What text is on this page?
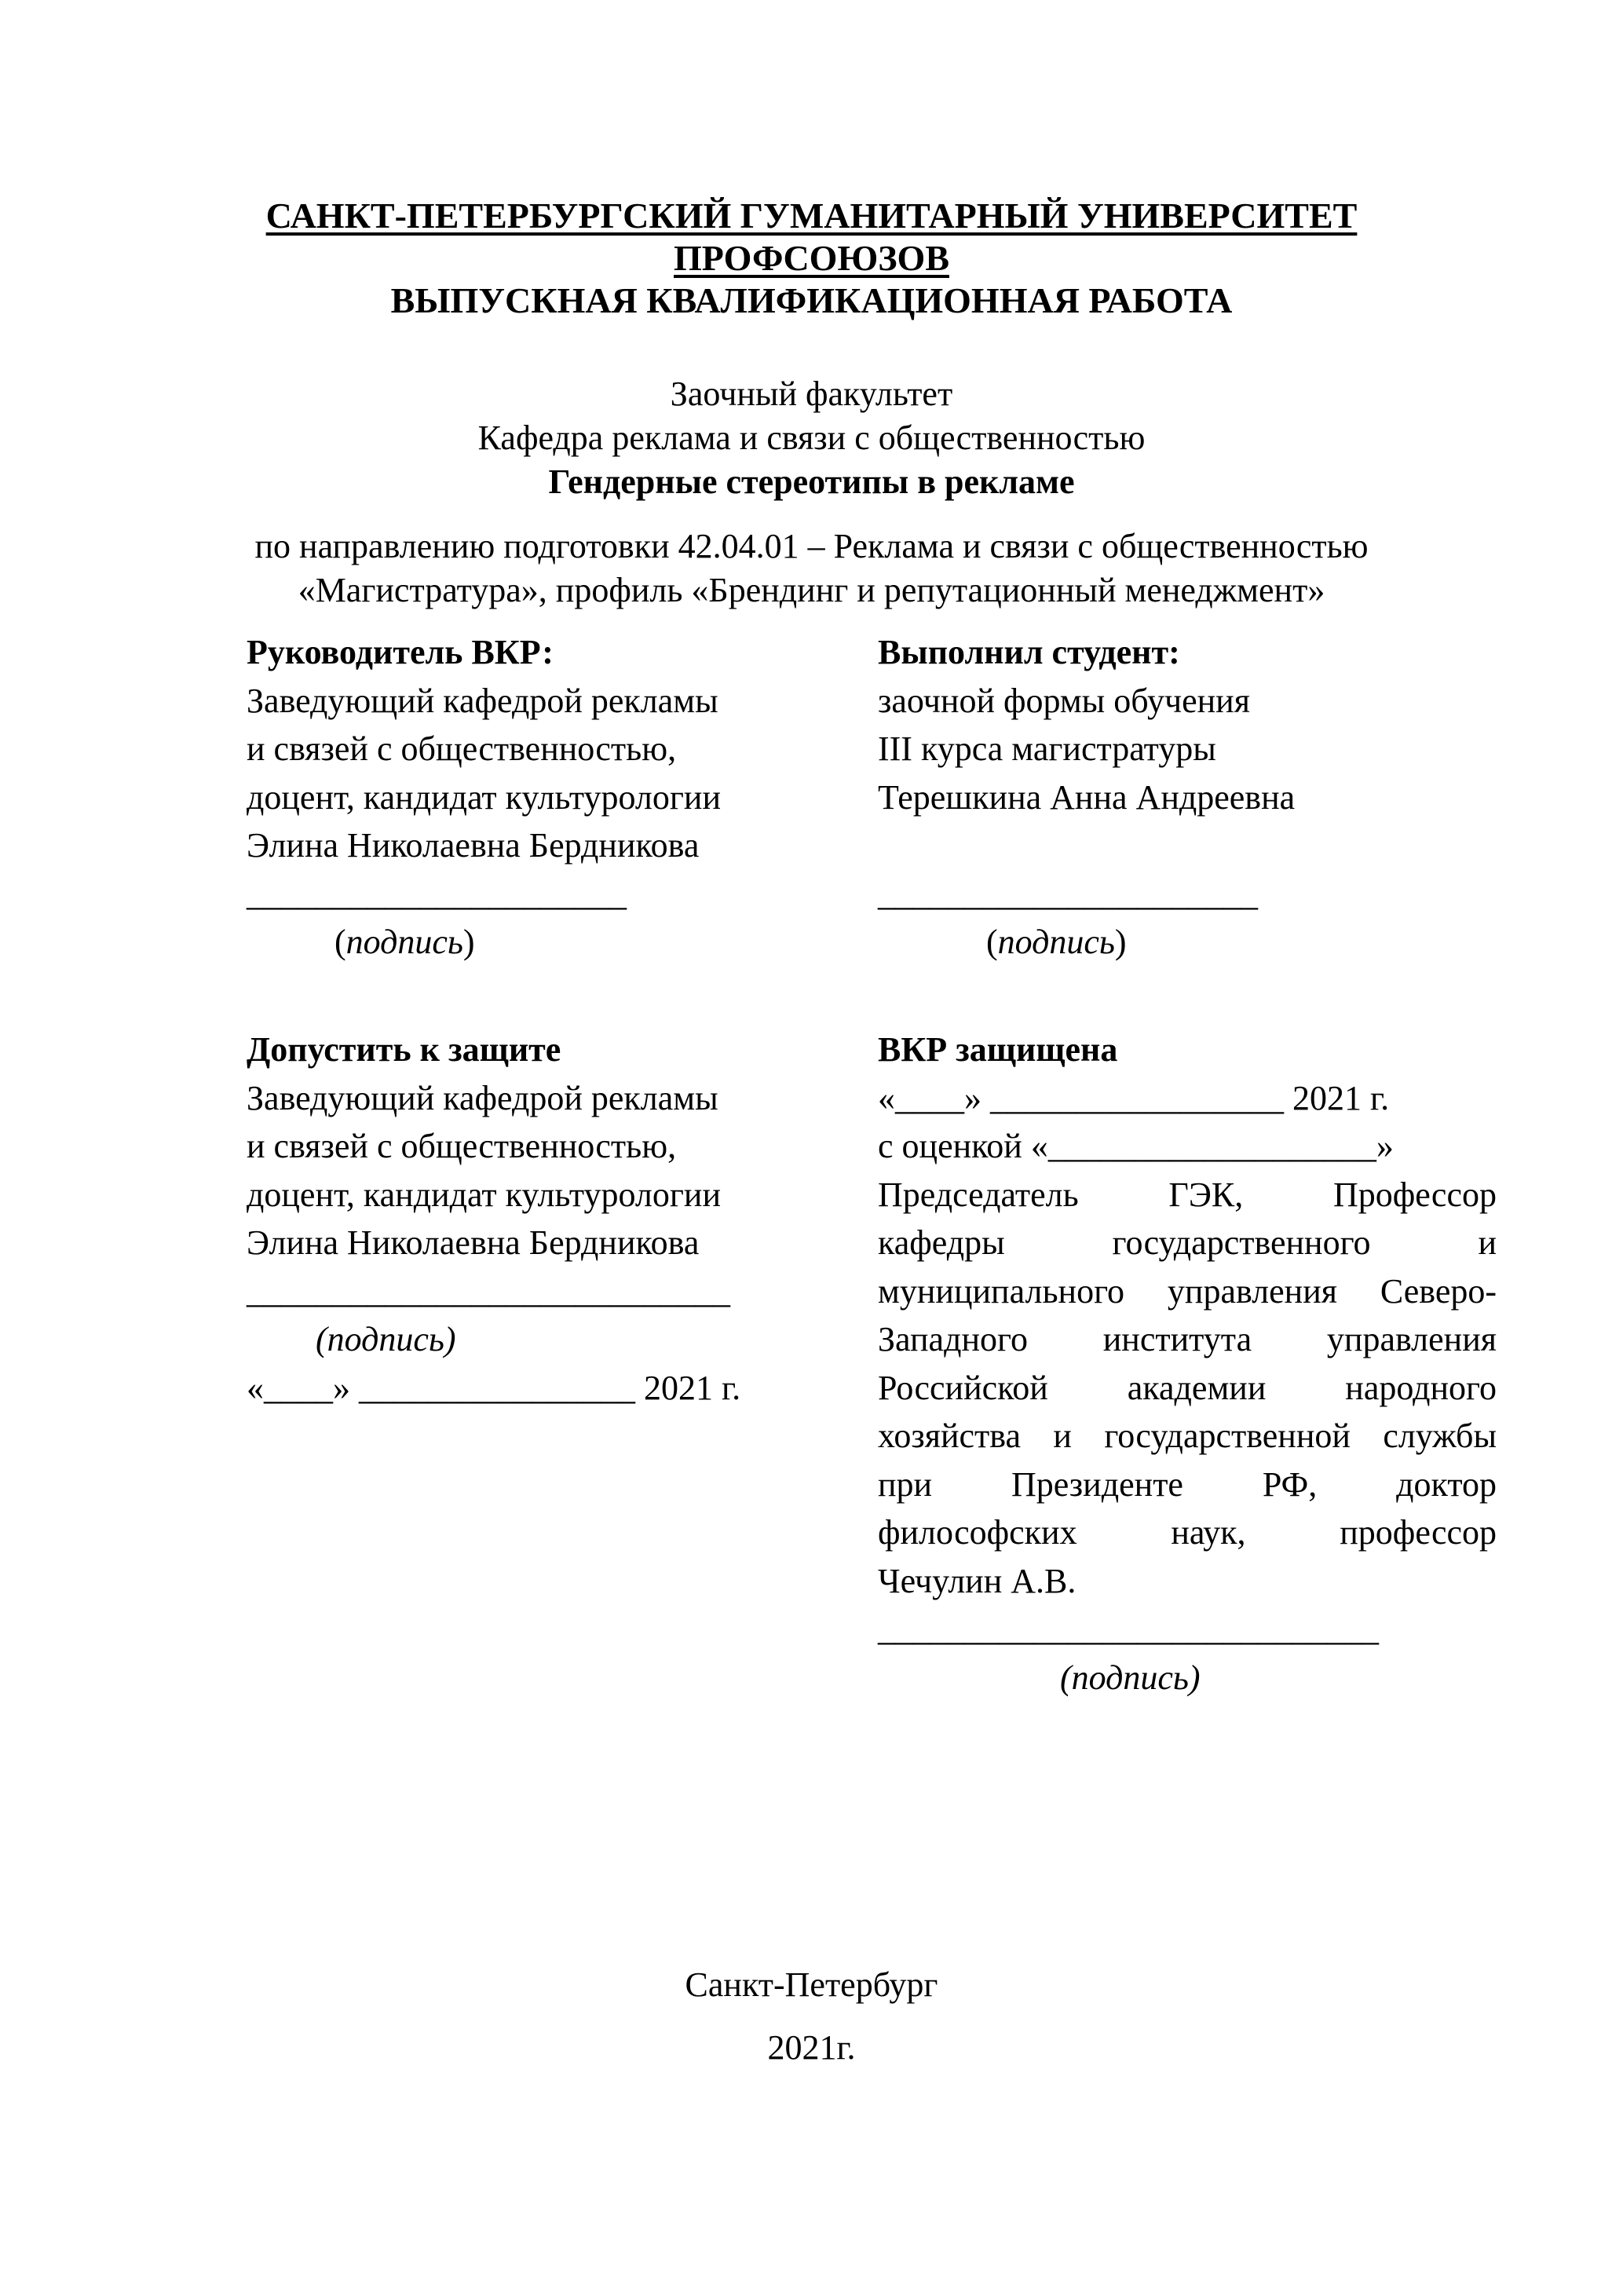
САНКТ-ПЕТЕРБУРГСКИЙ ГУМАНИТАРНЫЙ УНИВЕРСИТЕТ
ПРОФСОЮЗОВ
ВЫПУСКНАЯ КВАЛИФИКАЦИОННАЯ РАБОТА
Заочный факультет
Кафедра реклама и связи с общественностью
Гендерные стереотипы в рекламе
по направлению подготовки 42.04.01 – Реклама и связи с общественностью
«Магистратура», профиль «Брендинг и репутационный менеджмент»
Руководитель ВКР:
Заведующий кафедрой рекламы
и связей с общественностью,
доцент, кандидат культурологии
Элина Николаевна Бердникова
______________________
(подпись)
Выполнил студент:
заочной формы обучения
III курса магистратуры
Терешкина Анна Андреевна
______________________
(подпись)
Допустить к защите
Заведующий кафедрой рекламы
и связей с общественностью,
доцент, кандидат культурологии
Элина Николаевна Бердникова
____________________________
(подпись)
«____» ________________ 2021 г.
ВКР защищена
«____» _________________ 2021 г.
с оценкой «___________________»
Председатель ГЭК, Профессор
кафедры государственного и
муниципального управления Северо-
Западного института управления
Российской академии народного
хозяйства и государственной службы
при Президенте РФ, доктор
философских наук, профессор
Чечулин А.В.
_____________________________
(подпись)
Санкт-Петербург
2021г.
